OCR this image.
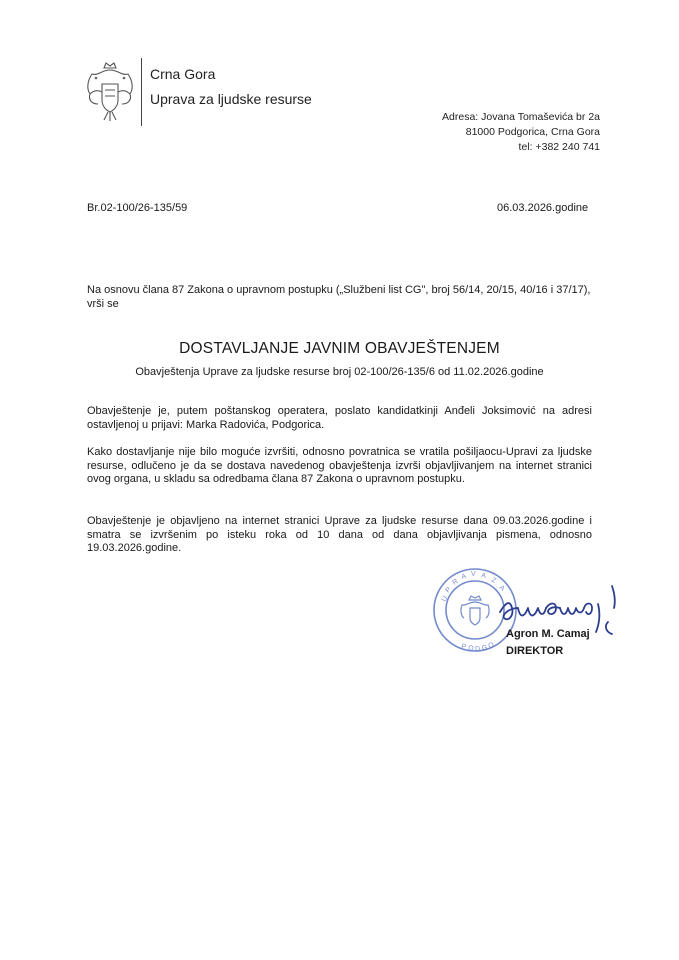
Crna Gora
Uprava za ljudske resurse
Adresa: Jovana Tomaševića br 2a
81000 Podgorica, Crna Gora
tel: +382 240 741
Br.02-100/26-135/59	06.03.2026.godine
Na osnovu člana 87 Zakona o upravnom postupku („Službeni list CG", broj 56/14, 20/15, 40/16 i 37/17),
vrši se
DOSTAVLJANJE JAVNIM OBAVJEŠTENJEM
Obavještenja Uprave za ljudske resurse broj 02-100/26-135/6 od 11.02.2026.godine
Obavještenje je, putem poštanskog operatera, poslato kandidatkinji Anđeli Joksimović na adresi ostavljenoj u prijavi: Marka Radovića, Podgorica.
Kako dostavljanje nije bilo moguće izvršiti, odnosno povratnica se vratila pošiljaocu-Upravi za ljudske resurse, odlučeno je da se dostava navedenog obavještenja izvrši objavljivanjem na internet stranici ovog organa, u skladu sa odredbama člana 87 Zakona o upravnom postupku.
Obavještenje je objavljeno na internet stranici Uprave za ljudske resurse dana 09.03.2026.godine i smatra se izvršenim po isteku roka od 10 dana od dana objavljivanja pismena, odnosno 19.03.2026.godine.
U
P
R
A V A
Z
A
P O D G O
Agron M. Camaj
DIREKTOR
